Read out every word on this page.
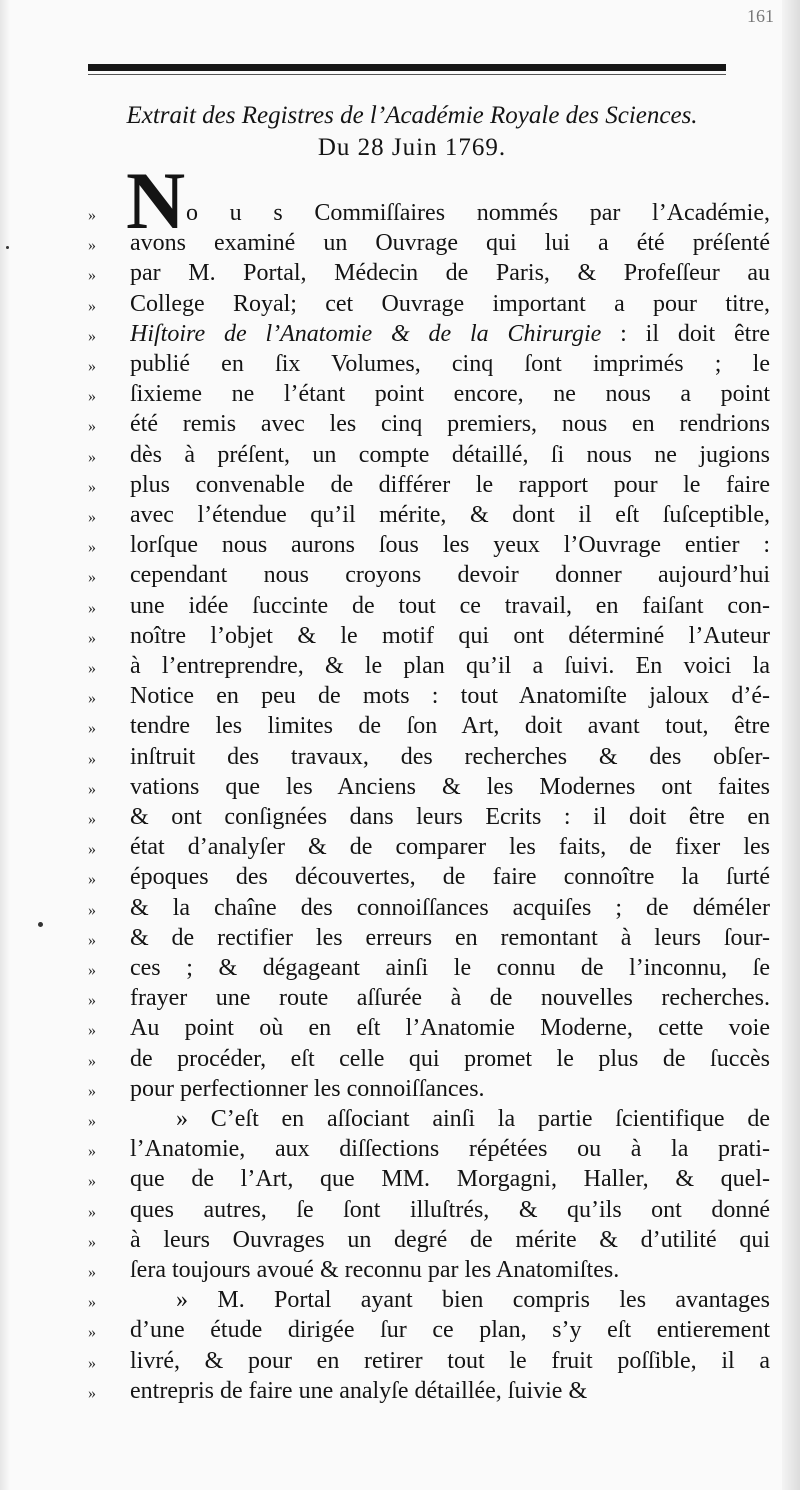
161
Extrait des Registres de l’Académie Royale des Sciences.
Du 28 Juin 1769.
N
»
»
»
»
»
»
»
»
»
»
»
»
»
»
»
»
»
»
»
»
»
»
»
»
»
»
»
»
»
»
»
»
»
»
»
»
»
»
»
»
o u s Commiſſaires nommés par l’Académie,
avons examiné un Ouvrage qui lui a été préſenté
par M. Portal, Médecin de Paris, & Profeſſeur au
College Royal; cet Ouvrage important a pour titre,
Hiſtoire de l’Anatomie & de la Chirurgie : il doit être
publié en ſix Volumes, cinq ſont imprimés ; le
ſixieme ne l’étant point encore, ne nous a point
été remis avec les cinq premiers, nous en rendrions
dès à préſent, un compte détaillé, ſi nous ne jugions
plus convenable de différer le rapport pour le faire
avec l’étendue qu’il mérite, & dont il eſt ſuſceptible,
lorſque nous aurons ſous les yeux l’Ouvrage entier :
cependant nous croyons devoir donner aujourd’hui
une idée ſuccinte de tout ce travail, en faiſant con-
noître l’objet & le motif qui ont déterminé l’Auteur
à l’entreprendre, & le plan qu’il a ſuivi. En voici la
Notice en peu de mots : tout Anatomiſte jaloux d’é-
tendre les limites de ſon Art, doit avant tout, être
inſtruit des travaux, des recherches & des obſer-
vations que les Anciens & les Modernes ont faites
& ont conſignées dans leurs Ecrits : il doit être en
état d’analyſer & de comparer les faits, de fixer les
époques des découvertes, de faire connoître la ſurté
& la chaîne des connoiſſances acquiſes ; de déméler
& de rectifier les erreurs en remontant à leurs ſour-
ces ; & dégageant ainſi le connu de l’inconnu, ſe
frayer une route aſſurée à de nouvelles recherches.
Au point où en eſt l’Anatomie Moderne, cette voie
de procéder, eſt celle qui promet le plus de ſuccès
pour perfectionner les connoiſſances.
» C’eſt en aſſociant ainſi la partie ſcientifique de
l’Anatomie, aux diſſections répétées ou à la prati-
que de l’Art, que MM. Morgagni, Haller, & quel-
ques autres, ſe ſont illuſtrés, & qu’ils ont donné
à leurs Ouvrages un degré de mérite & d’utilité qui
ſera toujours avoué & reconnu par les Anatomiſtes.
» M. Portal ayant bien compris les avantages
d’une étude dirigée ſur ce plan, s’y eſt entierement
livré, & pour en retirer tout le fruit poſſible, il a
entrepris de faire une analyſe détaillée, ſuivie &
